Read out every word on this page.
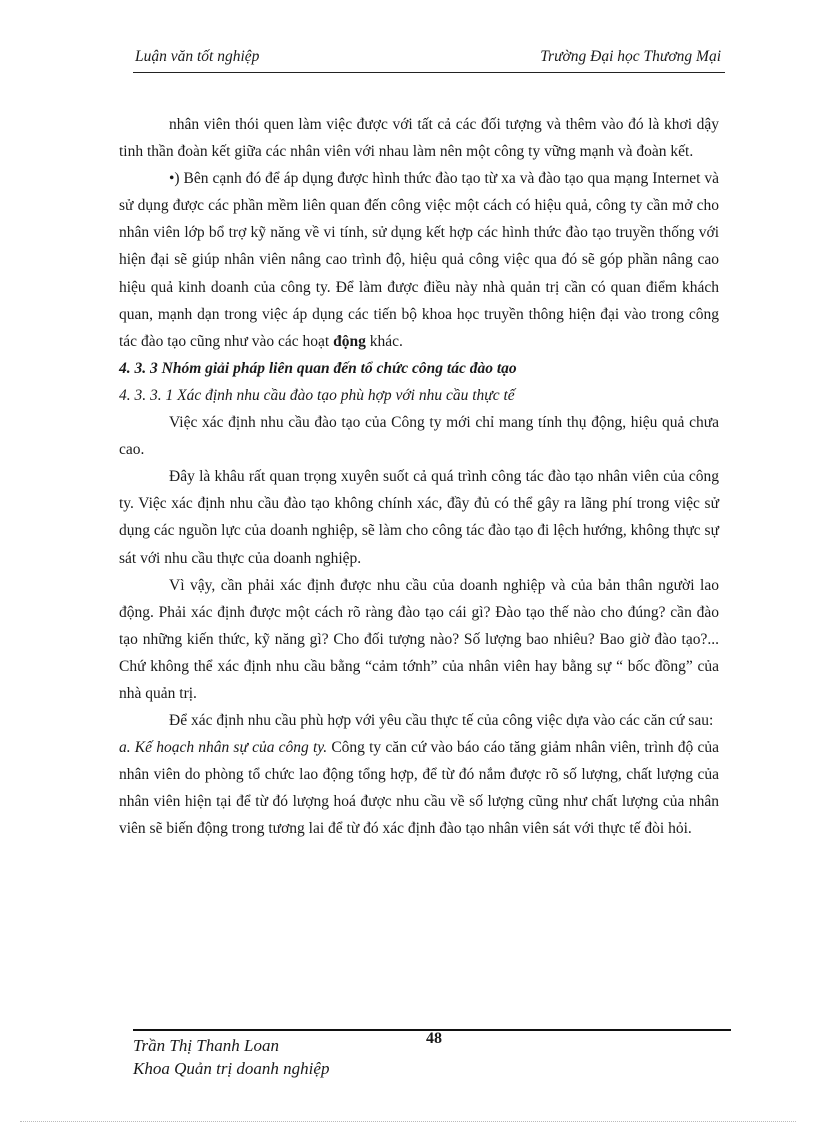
Luận văn tốt nghiệp	Trường Đại học Thương Mại

nhân viên thói quen làm việc được với tất cả các đối tượng và thêm vào đó là khơi dậy tinh thần đoàn kết giữa các nhân viên với nhau làm nên một công ty vững mạnh và đoàn kết.

•) Bên cạnh đó để áp dụng được hình thức đào tạo từ xa và đào tạo qua mạng Internet và sử dụng được các phần mềm liên quan đến công việc một cách có hiệu quả, công ty cần mở cho nhân viên lớp bổ trợ kỹ năng về vi tính, sử dụng kết hợp các hình thức đào tạo truyền thống với hiện đại sẽ giúp nhân viên nâng cao trình độ, hiệu quả công việc qua đó sẽ góp phần nâng cao hiệu quả kinh doanh của công ty. Để làm được điều này nhà quản trị cần có quan điểm khách quan, mạnh dạn trong việc áp dụng các tiến bộ khoa học truyền thông hiện đại vào trong công tác đào tạo cũng như vào các hoạt động khác.

4. 3. 3 Nhóm giải pháp liên quan đến tổ chức công tác đào tạo

4. 3. 3. 1 Xác định nhu cầu đào tạo phù hợp với nhu cầu thực tế

Việc xác định nhu cầu đào tạo của Công ty mới chỉ mang tính thụ động, hiệu quả chưa cao.

Đây là khâu rất quan trọng xuyên suốt cả quá trình công tác đào tạo nhân viên của công ty. Việc xác định nhu cầu đào tạo không chính xác, đầy đủ có thể gây ra lãng phí trong việc sử dụng các nguồn lực của doanh nghiệp, sẽ làm cho công tác đào tạo đi lệch hướng, không thực sự sát với nhu cầu thực của doanh nghiệp.

Vì vậy, cần phải xác định được nhu cầu của doanh nghiệp và của bản thân người lao động. Phải xác định được một cách rõ ràng đào tạo cái gì? Đào tạo thế nào cho đúng? cần đào tạo những kiến thức, kỹ năng gì? Cho đối tượng nào? Số lượng bao nhiêu? Bao giờ đào tạo?... Chứ không thể xác định nhu cầu bằng “cảm tớnh” của nhân viên hay bằng sự “ bốc đồng” của nhà quản trị.

Để xác định nhu cầu phù hợp với yêu cầu thực tế của công việc dựa vào các căn cứ sau:

a. Kế hoạch nhân sự của công ty. Công ty căn cứ vào báo cáo tăng giảm nhân viên, trình độ của nhân viên do phòng tổ chức lao động tổng hợp, để từ đó nắm được rõ số lượng, chất lượng của nhân viên hiện tại để từ đó lượng hoá được nhu cầu về số lượng cũng như chất lượng của nhân viên sẽ biến động trong tương lai để từ đó xác định đào tạo nhân viên sát với thực tế đòi hỏi.

48
Trần Thị Thanh Loan
Khoa Quản trị doanh nghiệp
